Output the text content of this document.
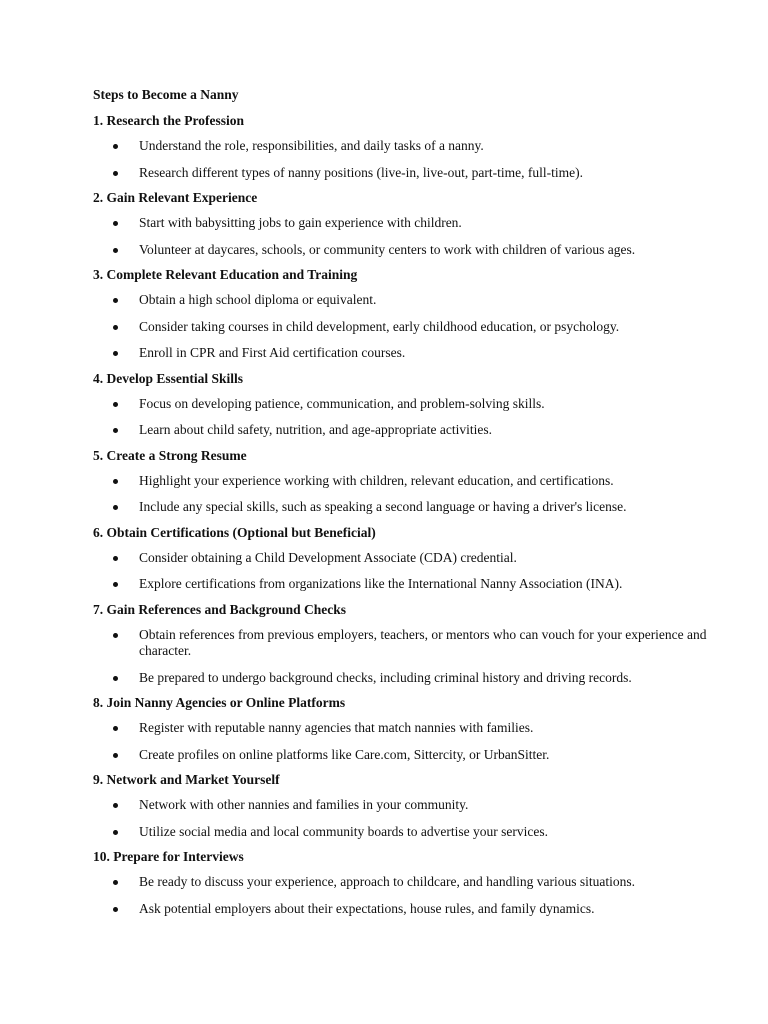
Steps to Become a Nanny
1. Research the Profession
Understand the role, responsibilities, and daily tasks of a nanny.
Research different types of nanny positions (live-in, live-out, part-time, full-time).
2. Gain Relevant Experience
Start with babysitting jobs to gain experience with children.
Volunteer at daycares, schools, or community centers to work with children of various ages.
3. Complete Relevant Education and Training
Obtain a high school diploma or equivalent.
Consider taking courses in child development, early childhood education, or psychology.
Enroll in CPR and First Aid certification courses.
4. Develop Essential Skills
Focus on developing patience, communication, and problem-solving skills.
Learn about child safety, nutrition, and age-appropriate activities.
5. Create a Strong Resume
Highlight your experience working with children, relevant education, and certifications.
Include any special skills, such as speaking a second language or having a driver's license.
6. Obtain Certifications (Optional but Beneficial)
Consider obtaining a Child Development Associate (CDA) credential.
Explore certifications from organizations like the International Nanny Association (INA).
7. Gain References and Background Checks
Obtain references from previous employers, teachers, or mentors who can vouch for your experience and character.
Be prepared to undergo background checks, including criminal history and driving records.
8. Join Nanny Agencies or Online Platforms
Register with reputable nanny agencies that match nannies with families.
Create profiles on online platforms like Care.com, Sittercity, or UrbanSitter.
9. Network and Market Yourself
Network with other nannies and families in your community.
Utilize social media and local community boards to advertise your services.
10. Prepare for Interviews
Be ready to discuss your experience, approach to childcare, and handling various situations.
Ask potential employers about their expectations, house rules, and family dynamics.
